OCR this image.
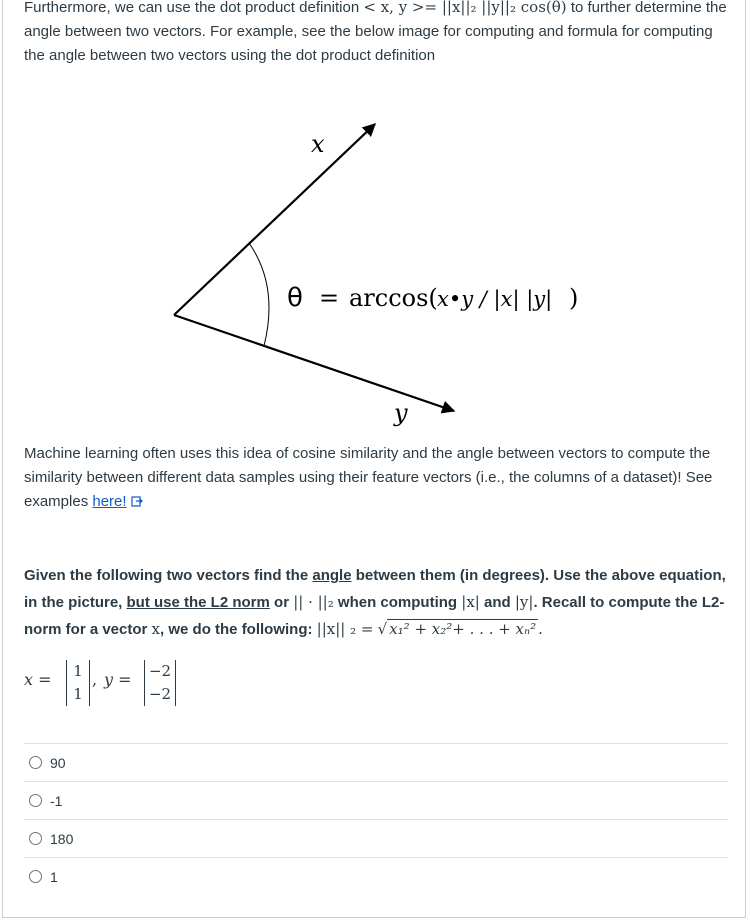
Furthermore, we can use the dot product definition < x, y >= ||x||₂ ||y||₂ cos(θ) to further determine the angle between two vectors. For example, see the below image for computing and formula for computing the angle between two vectors using the dot product definition

x
y
θ = arccos( x•y / |x| |y| )

Machine learning often uses this idea of cosine similarity and the angle between vectors to compute the similarity between different data samples using their feature vectors (i.e., the columns of a dataset)! See examples here!

Given the following two vectors find the angle between them (in degrees). Use the above equation, in the picture, but use the L2 norm or || · ||₂ when computing |x| and |y|. Recall to compute the L2-norm for a vector x, we do the following: ||x|| ₂ = √ x₁² + x₂²+ . . . + xₙ² .

x =	1
1
, y = −2
−2
90
-1
180
1
